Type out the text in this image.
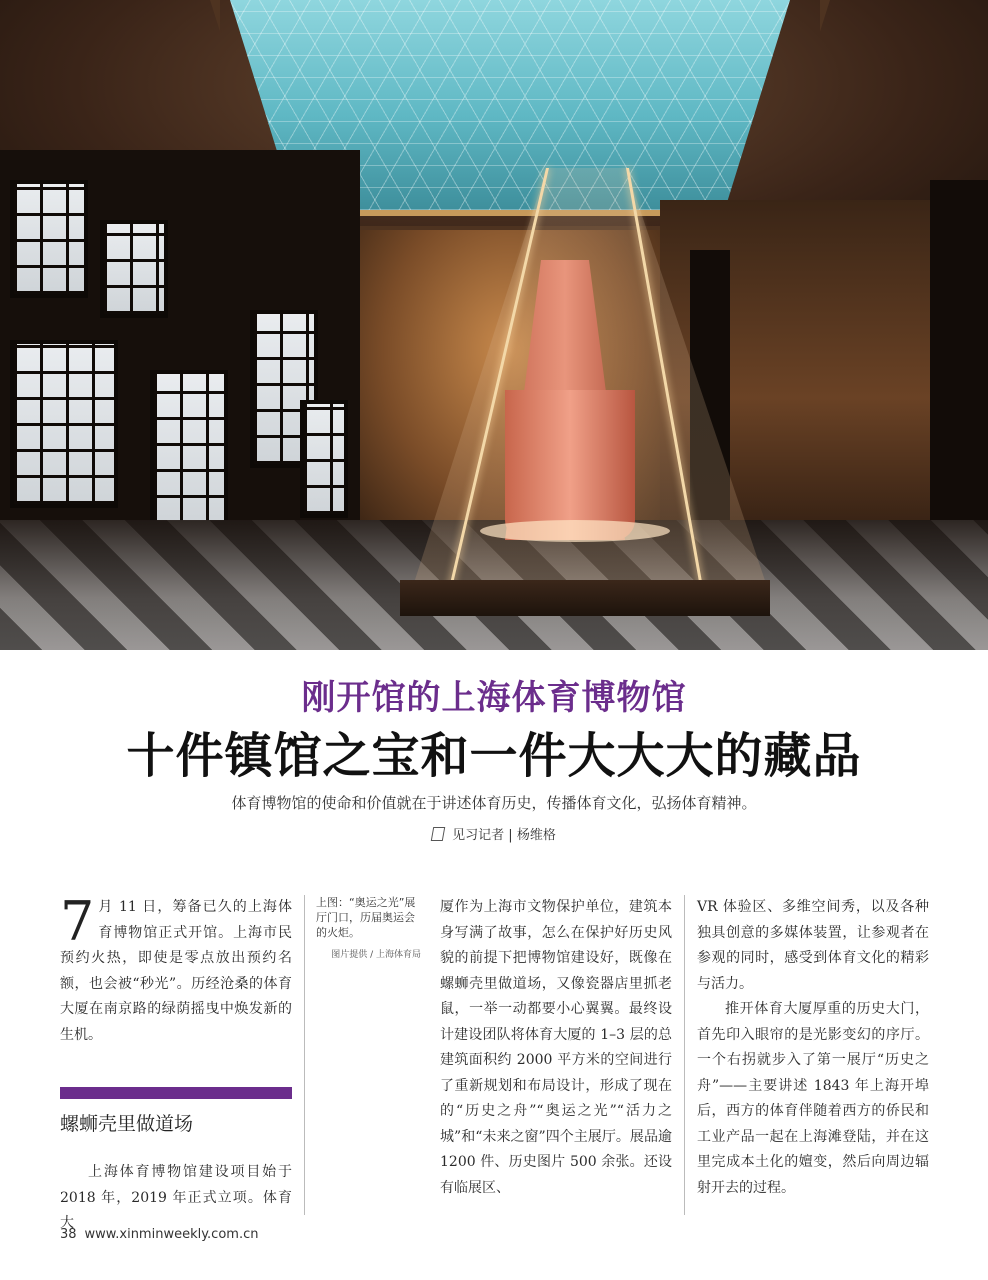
刚开馆的上海体育博物馆
十件镇馆之宝和一件大大大的藏品
体育博物馆的使命和价值就在于讲述体育历史，传播体育文化，弘扬体育精神。
见习记者 | 杨维格

7 月 11 日，筹备已久的上海体育博物馆正式开馆。上海市民预约火热，即使是零点放出预约名额，也会被“秒光”。历经沧桑的体育大厦在南京路的绿荫摇曳中焕发新的生机。

螺蛳壳里做道场

上海体育博物馆建设项目始于 2018 年，2019 年正式立项。体育大

上图：“奥运之光”展厅门口，历届奥运会的火炬。
图片提供 / 上海体育局

厦作为上海市文物保护单位，建筑本身写满了故事，怎么在保护好历史风貌的前提下把博物馆建设好，既像在螺蛳壳里做道场，又像瓷器店里抓老鼠，一举一动都要小心翼翼。最终设计建设团队将体育大厦的 1–3 层的总建筑面积约 2000 平方米的空间进行了重新规划和布局设计，形成了现在的“历史之舟”“奥运之光”“活力之城”和“未来之窗”四个主展厅。展品逾 1200 件、历史图片 500 余张。还设有临展区、

VR 体验区、多维空间秀，以及各种独具创意的多媒体装置，让参观者在参观的同时，感受到体育文化的精彩与活力。

推开体育大厦厚重的历史大门，首先印入眼帘的是光影变幻的序厅。一个右拐就步入了第一展厅“历史之舟”——主要讲述 1843 年上海开埠后，西方的体育伴随着西方的侨民和工业产品一起在上海滩登陆，并在这里完成本土化的嬗变，然后向周边辐射开去的过程。

38 www.xinminweekly.com.cn
